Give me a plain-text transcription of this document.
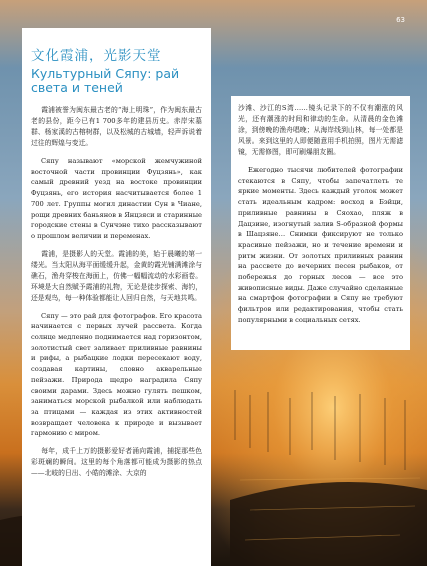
63
文化霞浦，光影天堂
Культурный Сяпу: рай света и теней

霞浦被誉为闽东最古老的“海上明珠”，作为闽东最古老的县份，距今已有1 700多年的建县历史。赤岸宋墓群、杨家溪的古榕树群，以及松城的古城墙，轻声诉说着过往的辉煌与变迁。

Сяпу называют «морской жемчужиной восточной части провинции Фуцзянь», как самый древний уезд на востоке провинции Фуцзянь, его история насчитывается более 1 700 лет. Группы могил династии Сун в Чиане, рощи древних баньянов в Янцзяси и старинные городские стены в Сунчэне тихо рассказывают о прошлом величии и переменах.

霞浦，是摄影人的天堂。霞浦的美，始于晨曦的第一缕光。当太阳从海平面缓缓升起，金黄的霞光铺满滩涂与礁石，渔舟穿梭在海面上，仿佛一幅幅流动的水彩画卷。环境是大自然赋予霞浦的礼物，无论是徒步探索、海钓，还是观鸟，每一种体验都能让人回归自然，与天地共鸣。

Сяпу — это рай для фотографов. Его красота начинается с первых лучей рассвета. Когда солнце медленно поднимается над горизонтом, золотистый свет заливает приливные равнины и рифы, а рыбацкие лодки пересекают воду, создавая картины, словно акварельные пейзажи. Природа щедро наградила Сяпу своими дарами. Здесь можно гулять пешком, заниматься морской рыбалкой или наблюдать за птицами — каждая из этих активностей возвращает человека к природе и вызывает гармонию с миром.

每年，成千上万的摄影爱好者涌向霞浦，捕捉那些色彩斑斓的瞬间。这里的每个角落都可能成为摄影的热点——北岐的日出、小皓的滩涂、大京的

沙滩、沙江的S湾……镜头记录下的不仅有潮涨的风光，还有潮涨的时间和律动的生命。从清晨的金色滩涂，到傍晚的渔舟唱晚；从海岸线到山林，每一处都是风景。来到这里的人即便随意用手机拍照，图片无需滤镜，无需修图，即可刷爆朋友圈。

Ежегодно тысячи любителей фотографии стекаются в Сяпу, чтобы запечатлеть те яркие моменты. Здесь каждый уголок может стать идеальным кадром: восход в Бэйци, приливные равнины в Сяохао, пляж в Дацзине, изогнутый залив S-образной формы в Шацзяне… Снимки фиксируют не только красивые пейзажи, но и течение времени и ритм жизни. От золотых приливных равнин на рассвете до вечерних песен рыбаков, от побережья до горных лесов — все это живописные виды. Даже случайно сделанные на смартфон фотографии в Сяпу не требуют фильтров или редактирования, чтобы стать популярными в социальных сетях.
